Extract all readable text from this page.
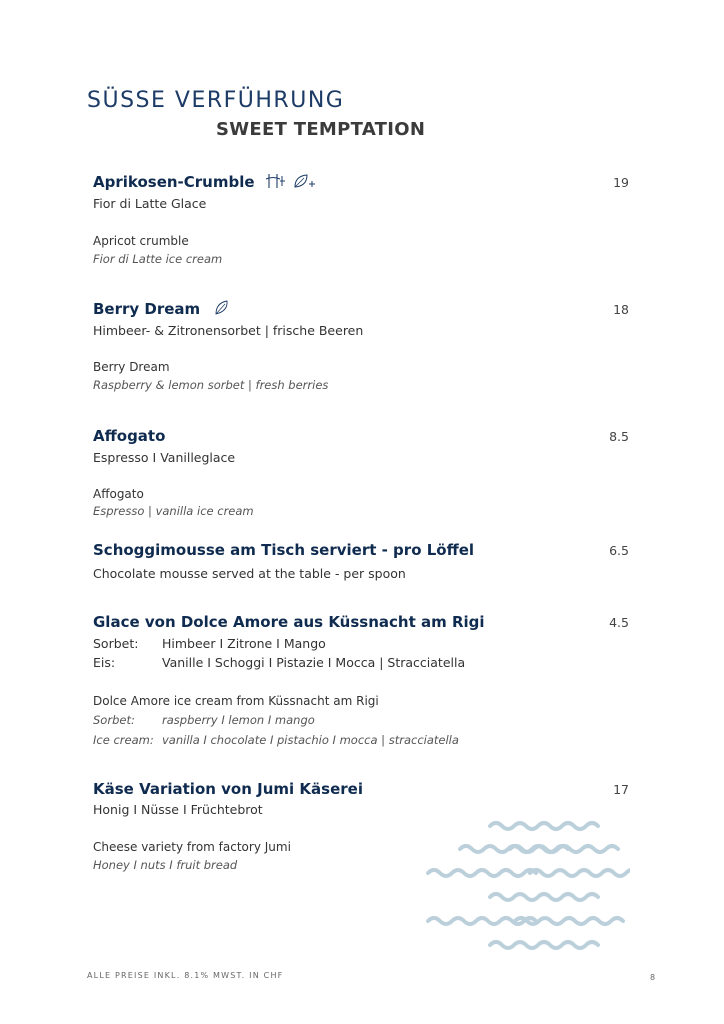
SÜSSE VERFÜHRUNG
SWEET TEMPTATION
Aprikosen-Crumble	19
Fior di Latte Glace
Apricot crumble
Fior di Latte ice cream
Berry Dream	18
Himbeer- & Zitronensorbet | frische Beeren
Berry Dream
Raspberry & lemon sorbet | fresh berries
Affogato	8.5
Espresso I Vanilleglace
Affogato
Espresso | vanilla ice cream
Schoggimousse am Tisch serviert - pro Löffel	6.5
Chocolate mousse served at the table - per spoon
Glace von Dolce Amore aus Küssnacht am Rigi	4.5
Sorbet: Himbeer I Zitrone I Mango
Eis:	Vanille I Schoggi I Pistazie I Mocca | Stracciatella
Dolce Amore ice cream from Küssnacht am Rigi
Sorbet: raspberry I lemon I mango
Ice cream: vanilla I chocolate I pistachio I mocca | stracciatella
Käse Variation von Jumi Käserei	17
Honig I Nüsse I Früchtebrot
Cheese variety from factory Jumi
Honey I nuts I fruit bread
ALLE PREISE INKL. 8.1% MWST. IN CHF	8
